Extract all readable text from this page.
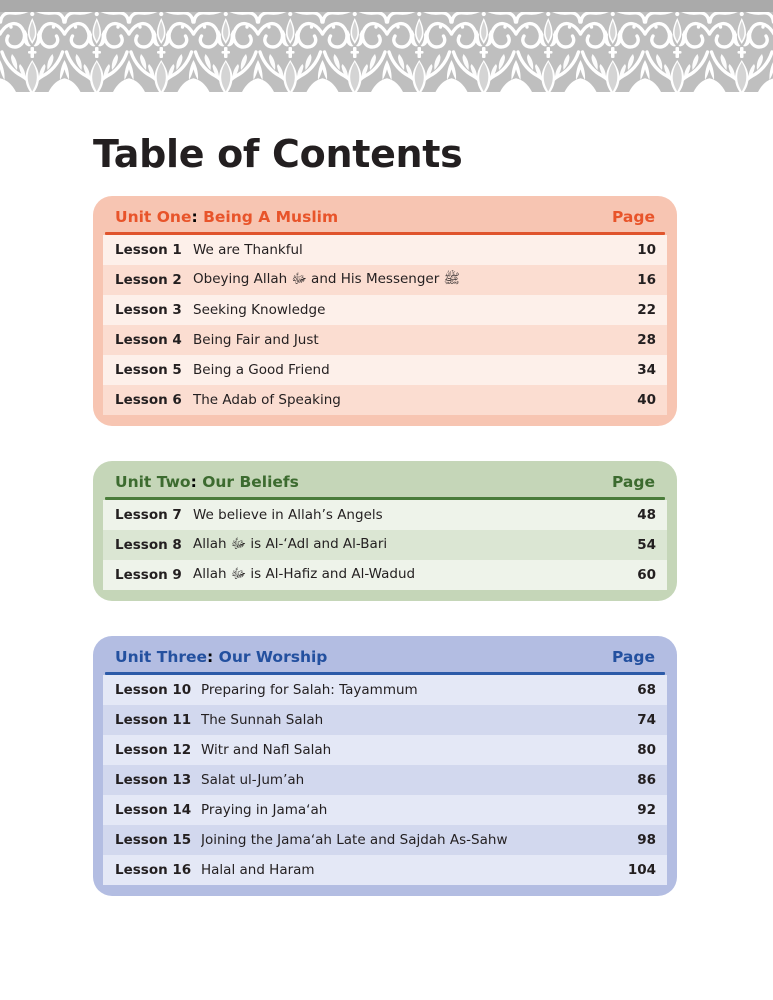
Table of Contents
Unit One: Being A Muslim	Page
Lesson 1 We are Thankful	10
Lesson 2 Obeying Allah ﷻ and His Messenger ﷺ	16
Lesson 3 Seeking Knowledge	22
Lesson 4 Being Fair and Just	28
Lesson 5 Being a Good Friend	34
Lesson 6 The Adab of Speaking	40
Unit Two: Our Beliefs	Page
Lesson 7 We believe in Allah’s Angels	48
Lesson 8 Allah ﷻ is Al-‘Adl and Al-Bari	54
Lesson 9 Allah ﷻ is Al-Hafiz and Al-Wadud	60
Unit Three: Our Worship	Page
Lesson 10 Preparing for Salah: Tayammum	68
Lesson 11 The Sunnah Salah	74
Lesson 12 Witr and Nafl Salah	80
Lesson 13 Salat ul-Jum’ah	86
Lesson 14 Praying in Jamaʻah	92
Lesson 15 Joining the Jamaʻah Late and Sajdah As-Sahw	98
Lesson 16 Halal and Haram	104
